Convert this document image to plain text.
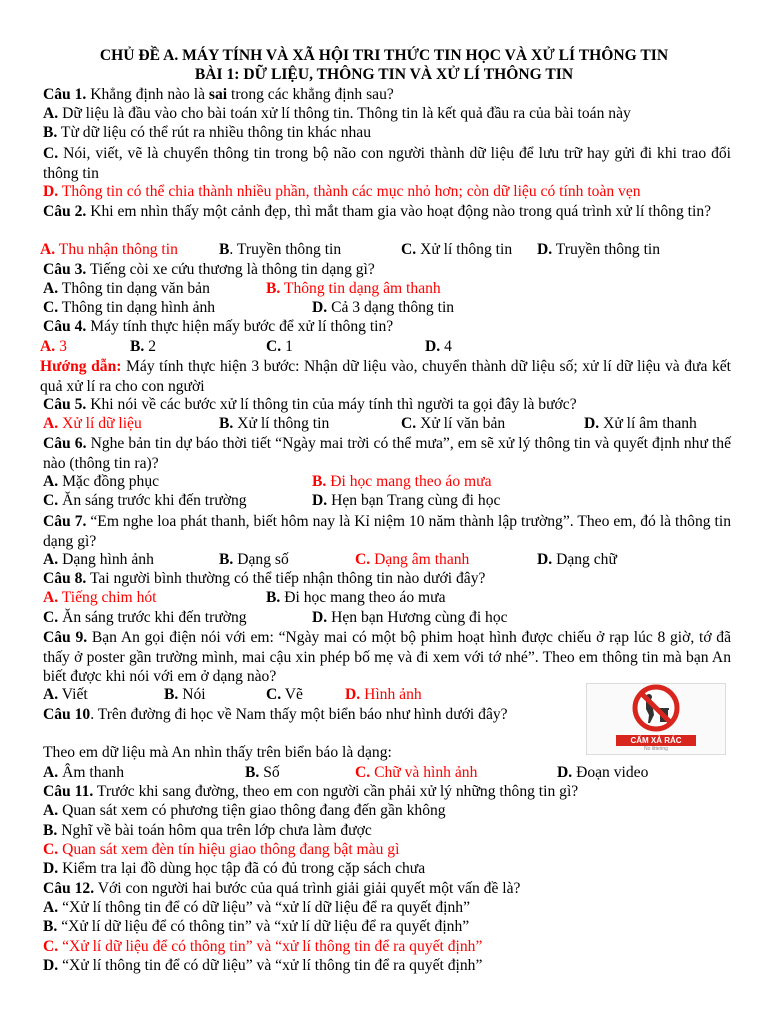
CHỦ ĐỀ A. MÁY TÍNH VÀ XÃ HỘI TRI THỨC TIN HỌC VÀ XỬ LÍ THÔNG TIN
BÀI 1: DỮ LIỆU, THÔNG TIN VÀ XỬ LÍ THÔNG TIN
Câu 1. Khẳng định nào là sai trong các khẳng định sau?
A. Dữ liệu là đầu vào cho bài toán xử lí thông tin. Thông tin là kết quả đầu ra của bài toán này
B. Từ dữ liệu có thể rút ra nhiều thông tin khác nhau
C. Nói, viết, vẽ là chuyển thông tin trong bộ não con người thành dữ liệu để lưu trữ hay gửi đi khi trao đổi thông tin
D. Thông tin có thể chia thành nhiều phần, thành các mục nhỏ hơn; còn dữ liệu có tính toàn vẹn
Câu 2. Khi em nhìn thấy một cảnh đẹp, thì mắt tham gia vào hoạt động nào trong quá trình xử lí thông tin?
A. Thu nhận thông tin	B. Truyền thông tin	C. Xử lí thông tin D. Truyền thông tin
Câu 3. Tiếng còi xe cứu thương là thông tin dạng gì?
A. Thông tin dạng văn bản	B. Thông tin dạng âm thanh
C. Thông tin dạng hình ảnh	D. Cả 3 dạng thông tin
Câu 4. Máy tính thực hiện mấy bước để xử lí thông tin?
A. 3	B. 2	C. 1	D. 4
Hướng dẫn: Máy tính thực hiện 3 bước: Nhận dữ liệu vào, chuyển thành dữ liệu số; xử lí dữ liệu và đưa kết quả xử lí ra cho con người
Câu 5. Khi nói về các bước xử lí thông tin của máy tính thì người ta gọi đây là bước?
A. Xử lí dữ liệu	B. Xử lí thông tin	C. Xử lí văn bản	D. Xử lí âm thanh
Câu 6. Nghe bản tin dự báo thời tiết “Ngày mai trời có thể mưa”, em sẽ xử lý thông tin và quyết định như thế nào (thông tin ra)?
A. Mặc đồng phục	B. Đi học mang theo áo mưa
C. Ăn sáng trước khi đến trường	D. Hẹn bạn Trang cùng đi học
Câu 7. “Em nghe loa phát thanh, biết hôm nay là Kỉ niệm 10 năm thành lập trường”. Theo em, đó là thông tin dạng gì?
A. Dạng hình ảnh	B. Dạng số	C. Dạng âm thanh	D. Dạng chữ
Câu 8. Tai người bình thường có thể tiếp nhận thông tin nào dưới đây?
A. Tiếng chim hót	B. Đi học mang theo áo mưa
C. Ăn sáng trước khi đến trường	D. Hẹn bạn Hương cùng đi học
Câu 9. Bạn An gọi điện nói với em: “Ngày mai có một bộ phim hoạt hình được chiếu ở rạp lúc 8 giờ, tớ đã thấy ở poster gần trường mình, mai cậu xin phép bố mẹ và đi xem với tớ nhé”. Theo em thông tin mà bạn An biết được khi nói với em ở dạng nào?
A. Viết	B. Nói	C. Vẽ	D. Hình ảnh
Câu 10. Trên đường đi học về Nam thấy một biển báo như hình dưới đây?
CẤM XẢ RÁC
No littering
Theo em dữ liệu mà An nhìn thấy trên biển báo là dạng:
A. Âm thanh	B. Số	C. Chữ và hình ảnh	D. Đoạn video
Câu 11. Trước khi sang đường, theo em con người cần phải xử lý những thông tin gì?
A. Quan sát xem có phương tiện giao thông đang đến gần không
B. Nghĩ về bài toán hôm qua trên lớp chưa làm được
C. Quan sát xem đèn tín hiệu giao thông đang bật màu gì
D. Kiểm tra lại đồ dùng học tập đã có đủ trong cặp sách chưa
Câu 12. Với con người hai bước của quá trình giải giải quyết một vấn đề là?
A. “Xử lí thông tin để có dữ liệu” và “xử lí dữ liệu để ra quyết định”
B. “Xử lí dữ liệu để có thông tin” và “xử lí dữ liệu để ra quyết định”
C. “Xử lí dữ liệu để có thông tin” và “xử lí thông tin để ra quyết định”
D. “Xử lí thông tin để có dữ liệu” và “xử lí thông tin để ra quyết định”
